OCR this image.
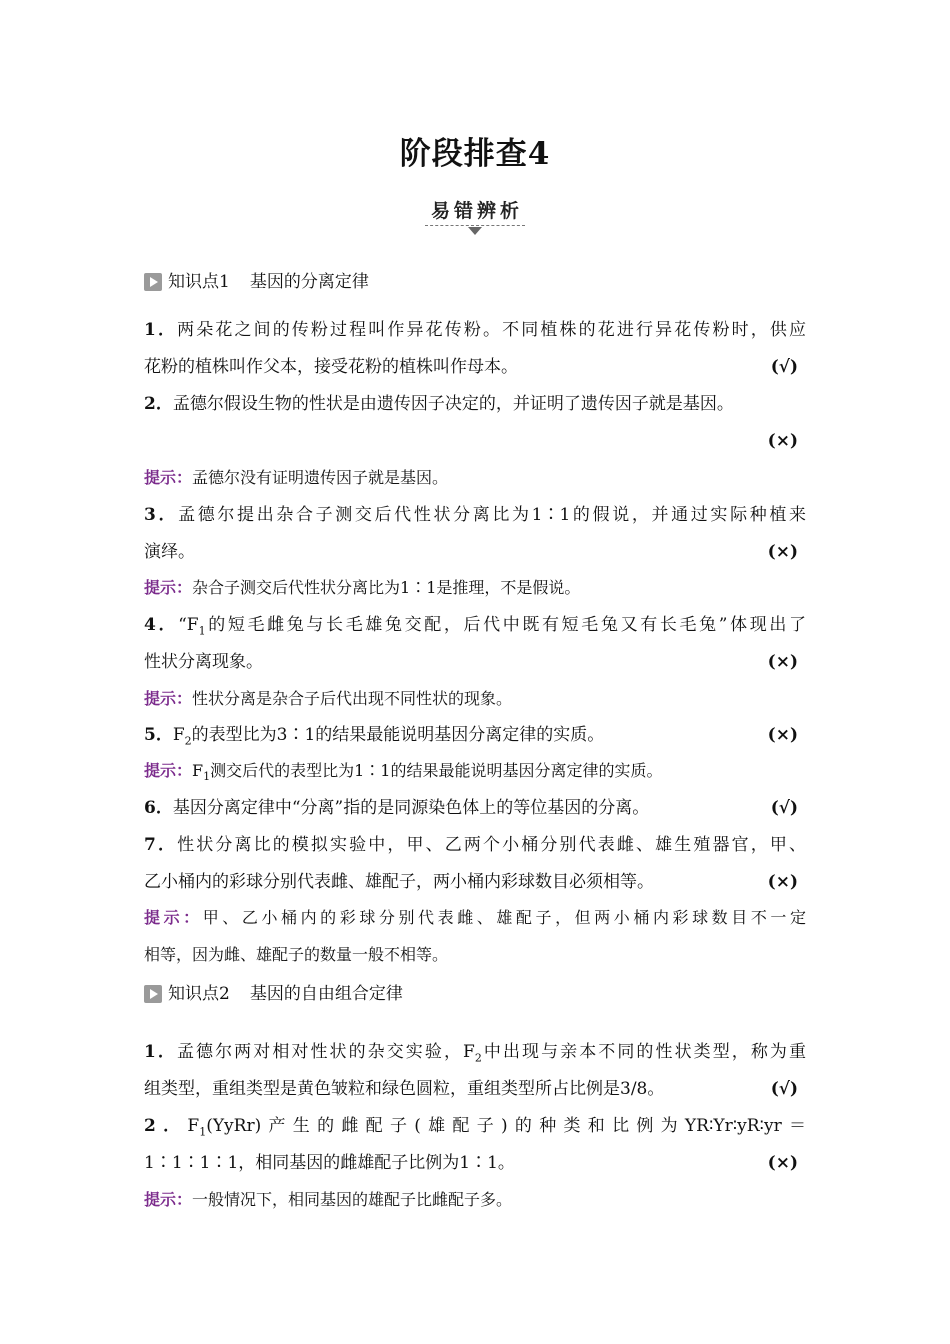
阶段排查4
易错辨析
知识点1 基因的分离定律
1．两朵花之间的传粉过程叫作异花传粉。不同植株的花进行异花传粉时，供应
花粉的植株叫作父本，接受花粉的植株叫作母本。	(√)
2．孟德尔假设生物的性状是由遗传因子决定的，并证明了遗传因子就是基因。
(×)
提示：孟德尔没有证明遗传因子就是基因。
3．孟德尔提出杂合子测交后代性状分离比为1∶1的假说，并通过实际种植来
演绎。	(×)
提示：杂合子测交后代性状分离比为1∶1是推理，不是假说。
4．“$F_1$的短毛雌兔与长毛雄兔交配，后代中既有短毛兔又有长毛兔”体现出了
性状分离现象。	(×)
提示：性状分离是杂合子后代出现不同性状的现象。
5．$F_2$的表型比为3∶1的结果最能说明基因分离定律的实质。	(×)
提示：$F_1$测交后代的表型比为1∶1的结果最能说明基因分离定律的实质。
6．基因分离定律中“分离”指的是同源染色体上的等位基因的分离。	(√)
7．性状分离比的模拟实验中，甲、乙两个小桶分别代表雌、雄生殖器官，甲、
乙小桶内的彩球分别代表雌、雄配子，两小桶内彩球数目必须相等。	(×)
提示：甲、乙小桶内的彩球分别代表雌、雄配子，但两小桶内彩球数目不一定
相等，因为雌、雄配子的数量一般不相等。
知识点2 基因的自由组合定律
1．孟德尔两对相对性状的杂交实验，$F_2$中出现与亲本不同的性状类型，称为重
组类型，重组类型是黄色皱粒和绿色圆粒，重组类型所占比例是3/8。	(√)
2．$F_1(YyRr)$产生的雌配子(雄配子)的种类和比例为YR∶Yr∶yR∶yr＝
1∶1∶1∶1，相同基因的雌雄配子比例为1∶1。	(×)
提示：一般情况下，相同基因的雄配子比雌配子多。
